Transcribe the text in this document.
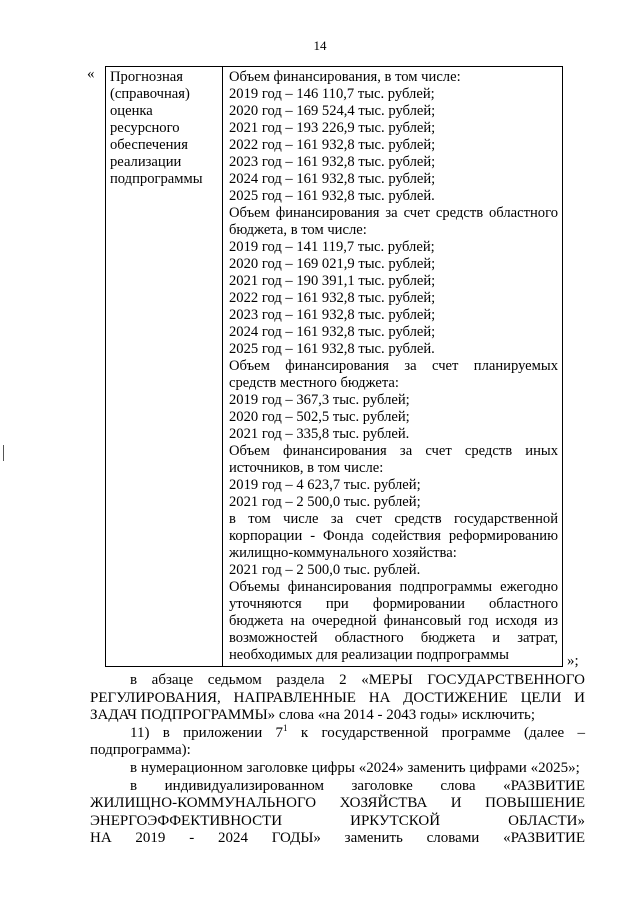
14
« Прогнозная
(справочная)
оценка
ресурсного
обеспечения
реализации
подпрограммы

Объем финансирования, в том числе:
2019 год – 146 110,7 тыс. рублей;
2020 год – 169 524,4 тыс. рублей;
2021 год – 193 226,9 тыс. рублей;
2022 год – 161 932,8 тыс. рублей;
2023 год – 161 932,8 тыс. рублей;
2024 год – 161 932,8 тыс. рублей;
2025 год – 161 932,8 тыс. рублей.
Объем финансирования за счет средств областного
бюджета, в том числе:
2019 год – 141 119,7 тыс. рублей;
2020 год – 169 021,9 тыс. рублей;
2021 год – 190 391,1 тыс. рублей;
2022 год – 161 932,8 тыс. рублей;
2023 год – 161 932,8 тыс. рублей;
2024 год – 161 932,8 тыс. рублей;
2025 год – 161 932,8 тыс. рублей.
Объем финансирования за счет планируемых
средств местного бюджета:
2019 год – 367,3 тыс. рублей;
2020 год – 502,5 тыс. рублей;
2021 год – 335,8 тыс. рублей.
Объем финансирования за счет средств иных
источников, в том числе:
2019 год – 4 623,7 тыс. рублей;
2021 год – 2 500,0 тыс. рублей;
в том числе за счет средств государственной
корпорации - Фонда содействия реформированию
жилищно-коммунального хозяйства:
2021 год – 2 500,0 тыс. рублей.
Объемы финансирования подпрограммы ежегодно
уточняются при формировании областного
бюджета на очередной финансовый год исходя из
возможностей областного бюджета и затрат,
необходимых для реализации подпрограммы	»;
в абзаце седьмом раздела 2 «МЕРЫ ГОСУДАРСТВЕННОГО
РЕГУЛИРОВАНИЯ, НАПРАВЛЕННЫЕ НА ДОСТИЖЕНИЕ ЦЕЛИ И
ЗАДАЧ ПОДПРОГРАММЫ» слова «на 2014 - 2043 годы» исключить;
11) в приложении $7^1$ к государственной программе (далее –
подпрограмма):
в нумерационном заголовке цифры «2024» заменить цифрами «2025»;
в индивидуализированном заголовке слова «РАЗВИТИЕ
ЖИЛИЩНО-КОММУНАЛЬНОГО ХОЗЯЙСТВА И ПОВЫШЕНИЕ
ЭНЕРГОЭФФЕКТИВНОСТИ ИРКУТСКОЙ ОБЛАСТИ»
НА 2019 - 2024 ГОДЫ» заменить словами «РАЗВИТИЕ
